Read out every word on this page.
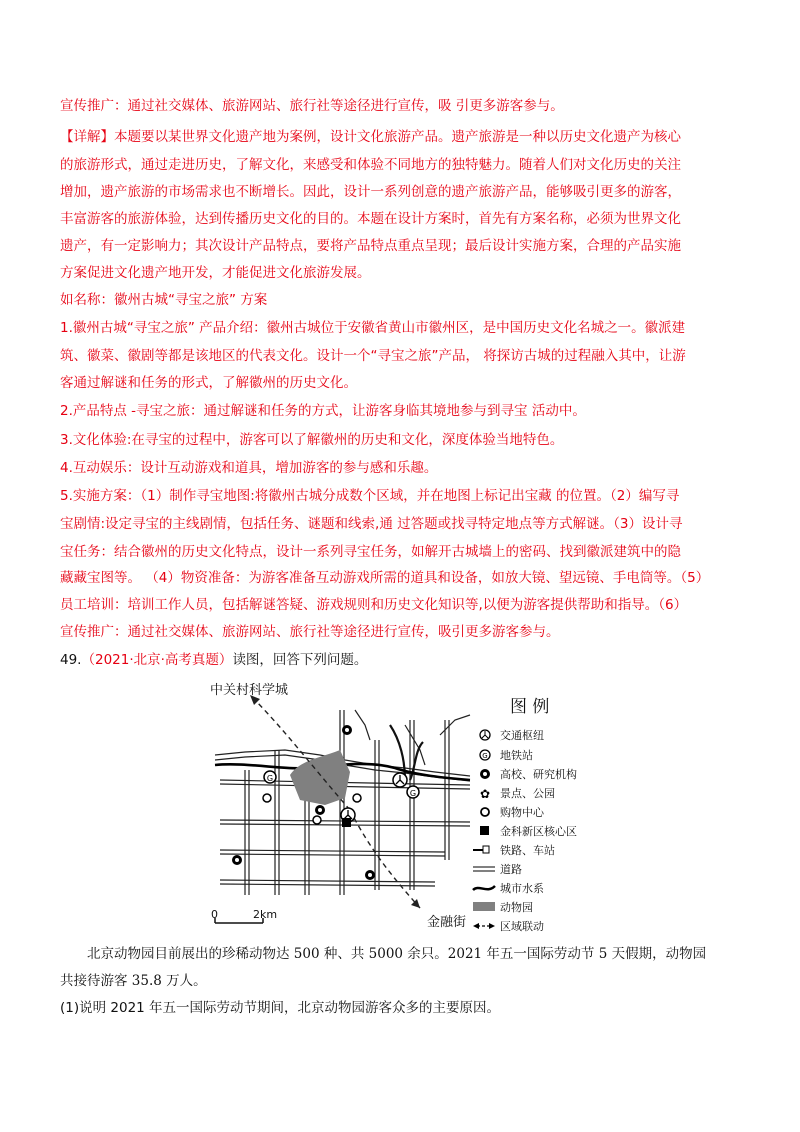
宣传推广：通过社交媒体、旅游网站、旅行社等途径进行宣传，吸 引更多游客参与。
【详解】本题要以某世界文化遗产地为案例，设计文化旅游产品。遗产旅游是一种以历史文化遗产为核心
的旅游形式，通过走进历史，了解文化，来感受和体验不同地方的独特魅力。随着人们对文化历史的关注
增加，遗产旅游的市场需求也不断增长。因此，设计一系列创意的遗产旅游产品，能够吸引更多的游客，
丰富游客的旅游体验，达到传播历史文化的目的。本题在设计方案时，首先有方案名称，必须为世界文化
遗产，有一定影响力；其次设计产品特点，要将产品特点重点呈现；最后设计实施方案，合理的产品实施
方案促进文化遗产地开发，才能促进文化旅游发展。
如名称：徽州古城“寻宝之旅” 方案
1.徽州古城“寻宝之旅” 产品介绍：徽州古城位于安徽省黄山市徽州区，是中国历史文化名城之一。徽派建
筑、徽菜、徽剧等都是该地区的代表文化。设计一个“寻宝之旅”产品， 将探访古城的过程融入其中，让游
客通过解谜和任务的形式，了解徽州的历史文化。
2.产品特点 -寻宝之旅：通过解谜和任务的方式，让游客身临其境地参与到寻宝 活动中。
3.文化体验:在寻宝的过程中，游客可以了解徽州的历史和文化，深度体验当地特色。
4.互动娱乐：设计互动游戏和道具，增加游客的参与感和乐趣。
5.实施方案：（1）制作寻宝地图:将徽州古城分成数个区域，并在地图上标记出宝藏 的位置。（2）编写寻
宝剧情:设定寻宝的主线剧情，包括任务、谜题和线索,通 过答题或找寻特定地点等方式解谜。（3）设计寻
宝任务：结合徽州的历史文化特点，设计一系列寻宝任务，如解开古城墙上的密码、找到徽派建筑中的隐
藏藏宝图等。 （4）物资准备：为游客准备互动游戏所需的道具和设备，如放大镜、望远镜、手电筒等。（5）
员工培训：培训工作人员，包括解谜答疑、游戏规则和历史文化知识等,以便为游客提供帮助和指导。（6）
宣传推广：通过社交媒体、旅游网站、旅行社等途径进行宣传，吸引更多游客参与。
49.（2021·北京·高考真题）读图，回答下列问题。
G
G
中关村科学城
金融街
0	2km
图 例
交通枢纽
G 地铁站
高校、研究机构
✿ 景点、公园
购物中心
金科新区核心区
铁路、车站
道路
城市水系
动物园
区域联动
北京动物园目前展出的珍稀动物达 500 种、共 5000 余只。2021 年五一国际劳动节 5 天假期，动物园
共接待游客 35.8 万人。
(1)说明 2021 年五一国际劳动节期间，北京动物园游客众多的主要原因。
